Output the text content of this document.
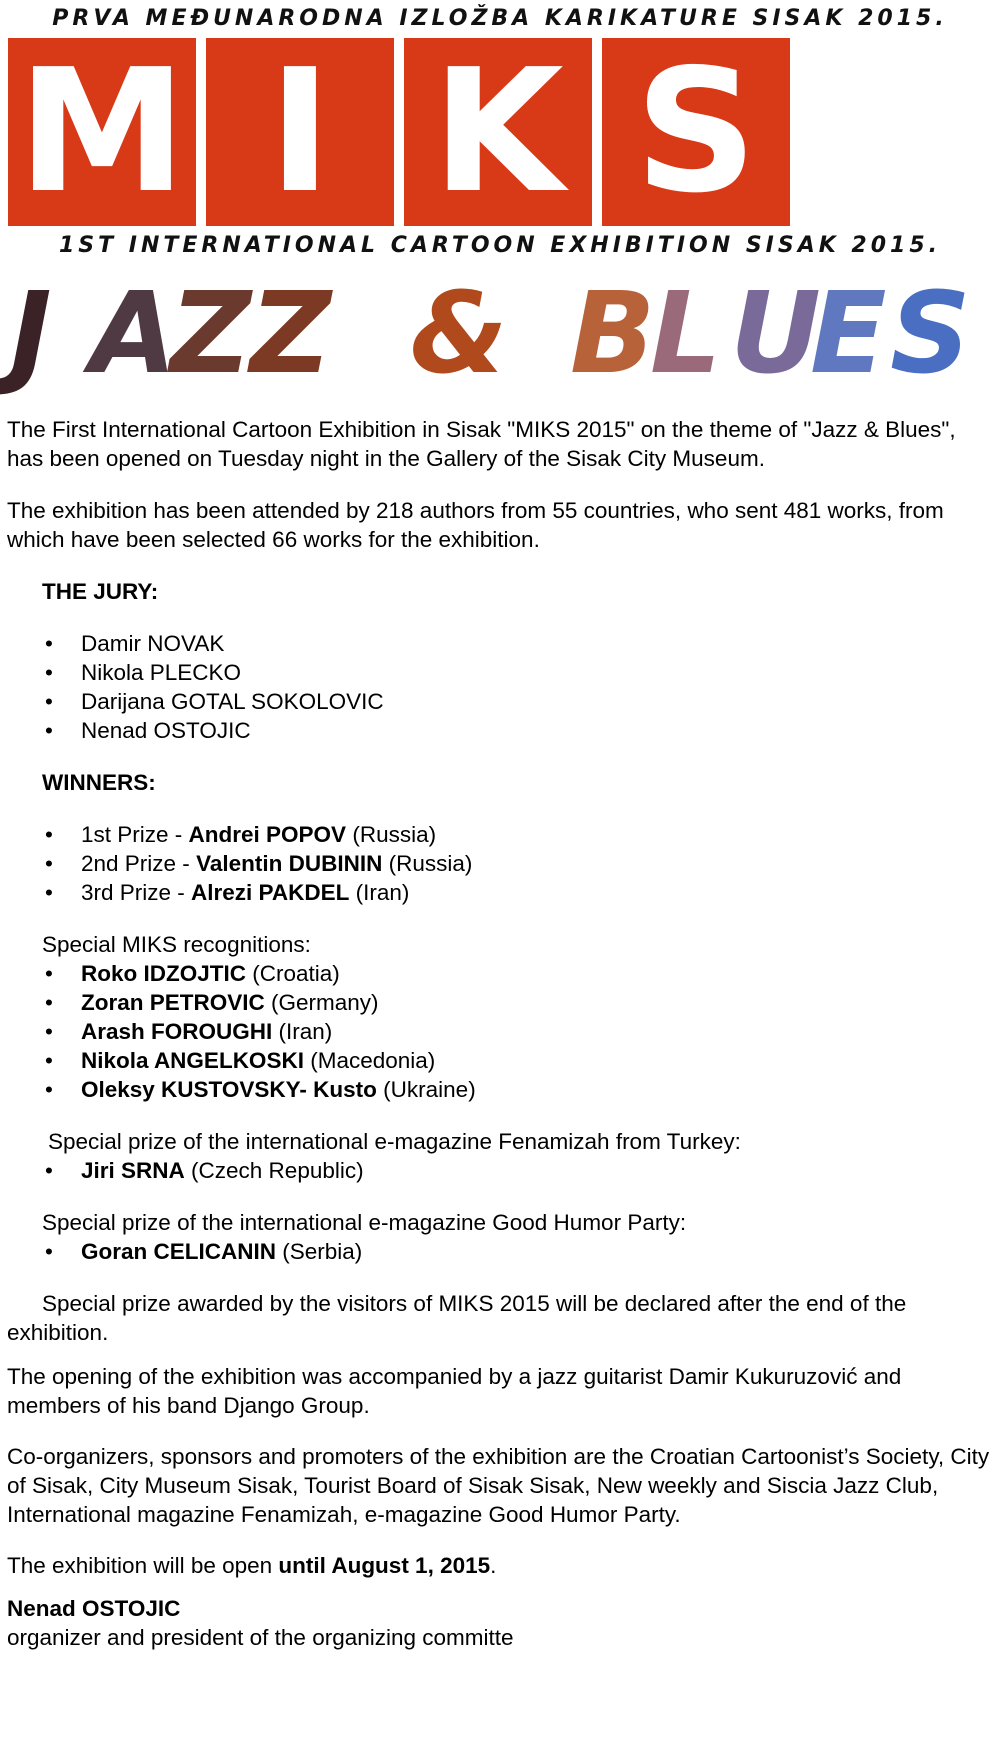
PRVA MEĐUNARODNA IZLOŽBA KARIKATURE SISAK 2015.
M I K S
1ST INTERNATIONAL CARTOON EXHIBITION SISAK 2015.
J A
Z
Z & B
L U
E S

The First International Cartoon Exhibition in Sisak "MIKS 2015" on the theme of "Jazz & Blues", has been opened on Tuesday night in the Gallery of the Sisak City Museum.

The exhibition has been attended by 218 authors from 55 countries, who sent 481 works, from which have been selected 66 works for the exhibition.

THE JURY:

• Damir NOVAK
• Nikola PLECKO
• Darijana GOTAL SOKOLOVIC
• Nenad OSTOJIC

WINNERS:

• 1st Prize - Andrei POPOV (Russia)
• 2nd Prize - Valentin DUBININ (Russia)
• 3rd Prize - Alrezi PAKDEL (Iran)

Special MIKS recognitions:

• Roko IDZOJTIC (Croatia)
• Zoran PETROVIC (Germany)
• Arash FOROUGHI (Iran)
• Nikola ANGELKOSKI (Macedonia)
• Oleksy KUSTOVSKY- Kusto (Ukraine)

Special prize of the international e-magazine Fenamizah from Turkey:

• Jiri SRNA (Czech Republic)

Special prize of the international e-magazine Good Humor Party:

• Goran CELICANIN (Serbia)

Special prize awarded by the visitors of MIKS 2015 will be declared after the end of the exhibition.

The opening of the exhibition was accompanied by a jazz guitarist Damir Kukuruzović and members of his band Django Group.

Co-organizers, sponsors and promoters of the exhibition are the Croatian Cartoonist’s Society, City of Sisak, City Museum Sisak, Tourist Board of Sisak Sisak, New weekly and Siscia Jazz Club, International magazine Fenamizah, e-magazine Good Humor Party.

The exhibition will be open until August 1, 2015.

Nenad OSTOJIC

organizer and president of the organizing committe
